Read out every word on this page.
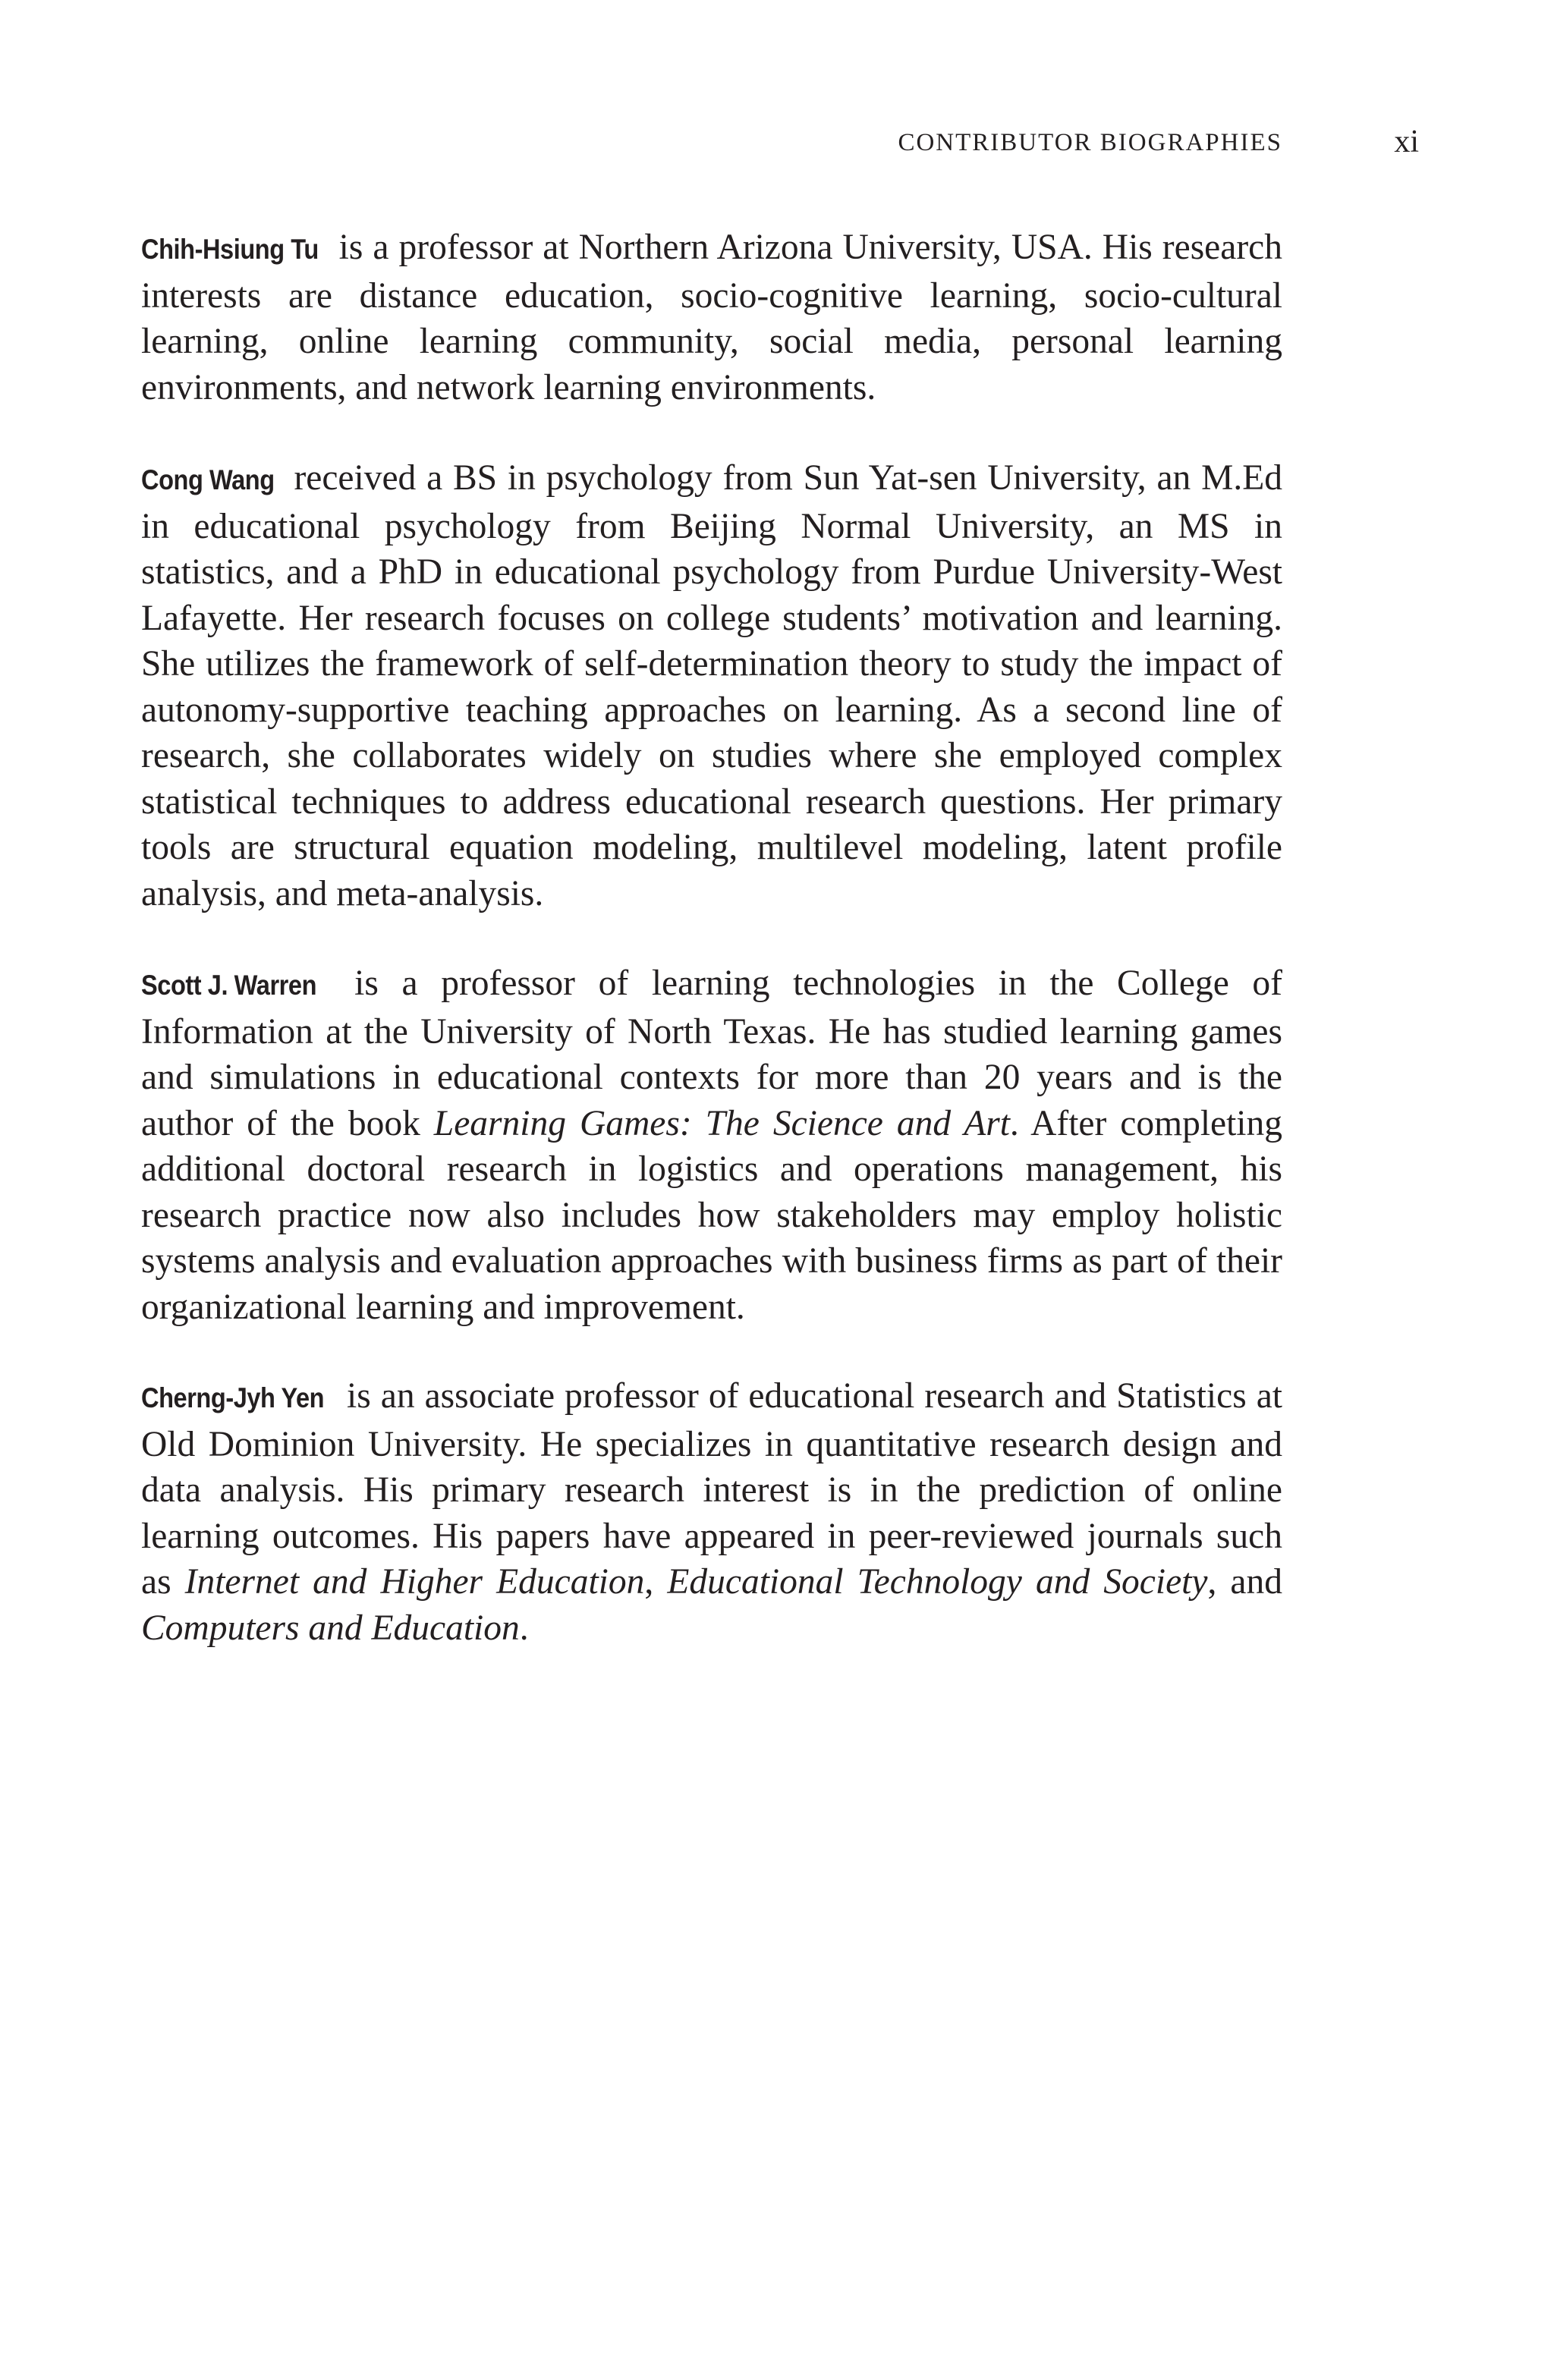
CONTRIBUTOR BIOGRAPHIES	xi

Chih-Hsiung Tu is a professor at Northern Arizona University, USA. His research interests are distance education, socio-cognitive learning, socio-cultural learning, online learning community, social media, personal learning environments, and network learning environments.

Cong Wang received a BS in psychology from Sun Yat-sen University, an M.Ed in educational psychology from Beijing Normal University, an MS in statistics, and a PhD in educational psychology from Purdue University-West Lafayette. Her research focuses on college students’ motivation and learning. She utilizes the framework of self-determination theory to study the impact of autonomy-supportive teaching approaches on learning. As a second line of research, she collaborates widely on studies where she employed complex statistical techniques to address educational research questions. Her primary tools are structural equation modeling, multilevel modeling, latent profile analysis, and meta-analysis.

Scott J. Warren is a professor of learning technologies in the College of Information at the University of North Texas. He has studied learning games and simulations in educational contexts for more than 20 years and is the author of the book Learning Games: The Science and Art. After completing additional doctoral research in logistics and operations management, his research practice now also includes how stakeholders may employ holistic systems analysis and evaluation approaches with business firms as part of their organizational learning and improvement.

Cherng-Jyh Yen is an associate professor of educational research and Statistics at Old Dominion University. He specializes in quantitative research design and data analysis. His primary research interest is in the prediction of online learning outcomes. His papers have appeared in peer-reviewed journals such as Internet and Higher Education, Educational Technology and Society, and Computers and Education.
